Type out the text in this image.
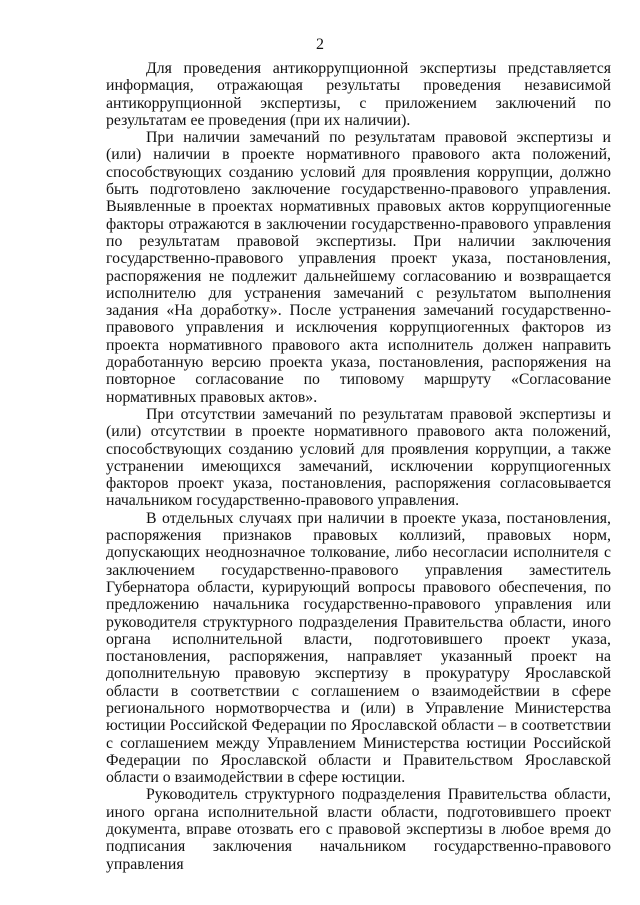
2

Для проведения антикоррупционной экспертизы представляется информация, отражающая результаты проведения независимой антикоррупционной экспертизы, с приложением заключений по результатам ее проведения (при их наличии).

При наличии замечаний по результатам правовой экспертизы и (или) наличии в проекте нормативного правового акта положений, способствующих созданию условий для проявления коррупции, должно быть подготовлено заключение государственно-правового управления. Выявленные в проектах нормативных правовых актов коррупциогенные факторы отражаются в заключении государственно-правового управления по результатам правовой экспертизы. При наличии заключения государственно-правового управления проект указа, постановления, распоряжения не подлежит дальнейшему согласованию и возвращается исполнителю для устранения замечаний с результатом выполнения задания «На доработку». После устранения замечаний государственно-правового управления и исключения коррупциогенных факторов из проекта нормативного правового акта исполнитель должен направить доработанную версию проекта указа, постановления, распоряжения на повторное согласование по типовому маршруту «Согласование нормативных правовых актов».

При отсутствии замечаний по результатам правовой экспертизы и (или) отсутствии в проекте нормативного правового акта положений, способствующих созданию условий для проявления коррупции, а также устранении имеющихся замечаний, исключении коррупциогенных факторов проект указа, постановления, распоряжения согласовывается начальником государственно-правового управления.

В отдельных случаях при наличии в проекте указа, постановления, распоряжения признаков правовых коллизий, правовых норм, допускающих неоднозначное толкование, либо несогласии исполнителя с заключением государственно-правового управления заместитель Губернатора области, курирующий вопросы правового обеспечения, по предложению начальника государственно-правового управления или руководителя структурного подразделения Правительства области, иного органа исполнительной власти, подготовившего проект указа, постановления, распоряжения, направляет указанный проект на дополнительную правовую экспертизу в прокуратуру Ярославской области в соответствии с соглашением о взаимодействии в сфере регионального нормотворчества и (или) в Управление Министерства юстиции Российской Федерации по Ярославской области – в соответствии с соглашением между Управлением Министерства юстиции Российской Федерации по Ярославской области и Правительством Ярославской области о взаимодействии в сфере юстиции.

Руководитель структурного подразделения Правительства области, иного органа исполнительной власти области, подготовившего проект документа, вправе отозвать его с правовой экспертизы в любое время до подписания заключения начальником государственно-правового управления
